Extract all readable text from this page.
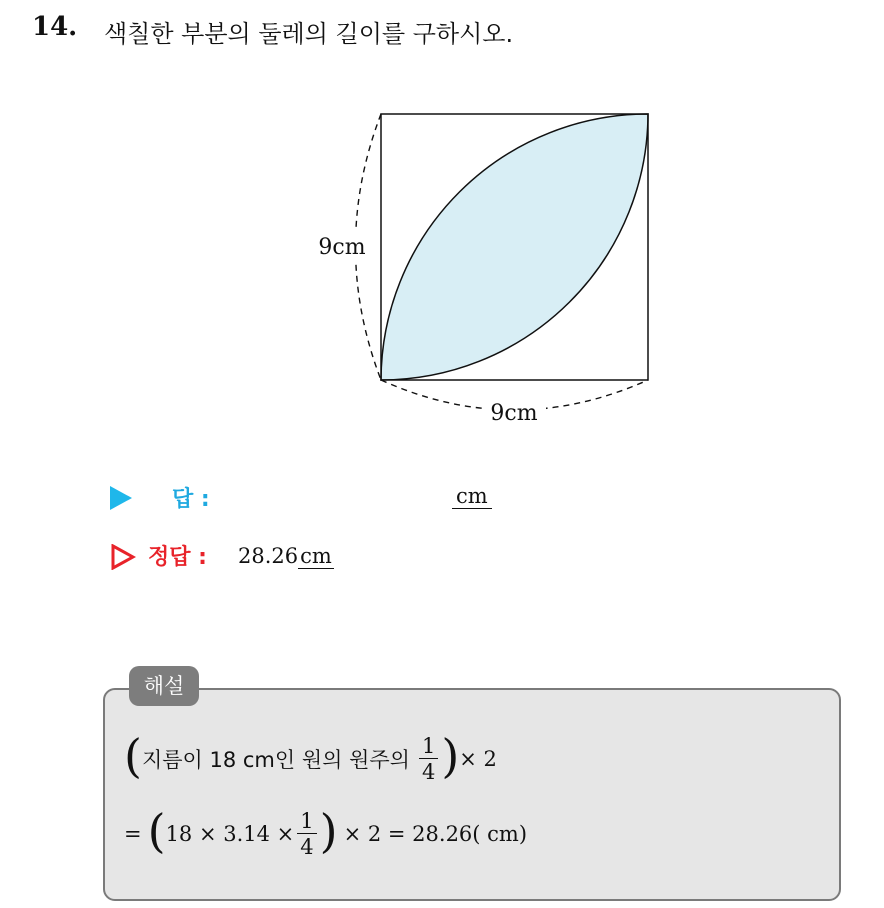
14. 색칠한 부분의 둘레의 길이를 구하시오.
9cm
9cm
답 :	cm
정답 : 28.26cm
해설
( 지름이 18 cm인 원의 원주의 $\frac{1}{4}$ ) × 2
= ( $18 \times 3.14 \times \frac{1}{4}$ ) × 2 = 28.26( cm)
